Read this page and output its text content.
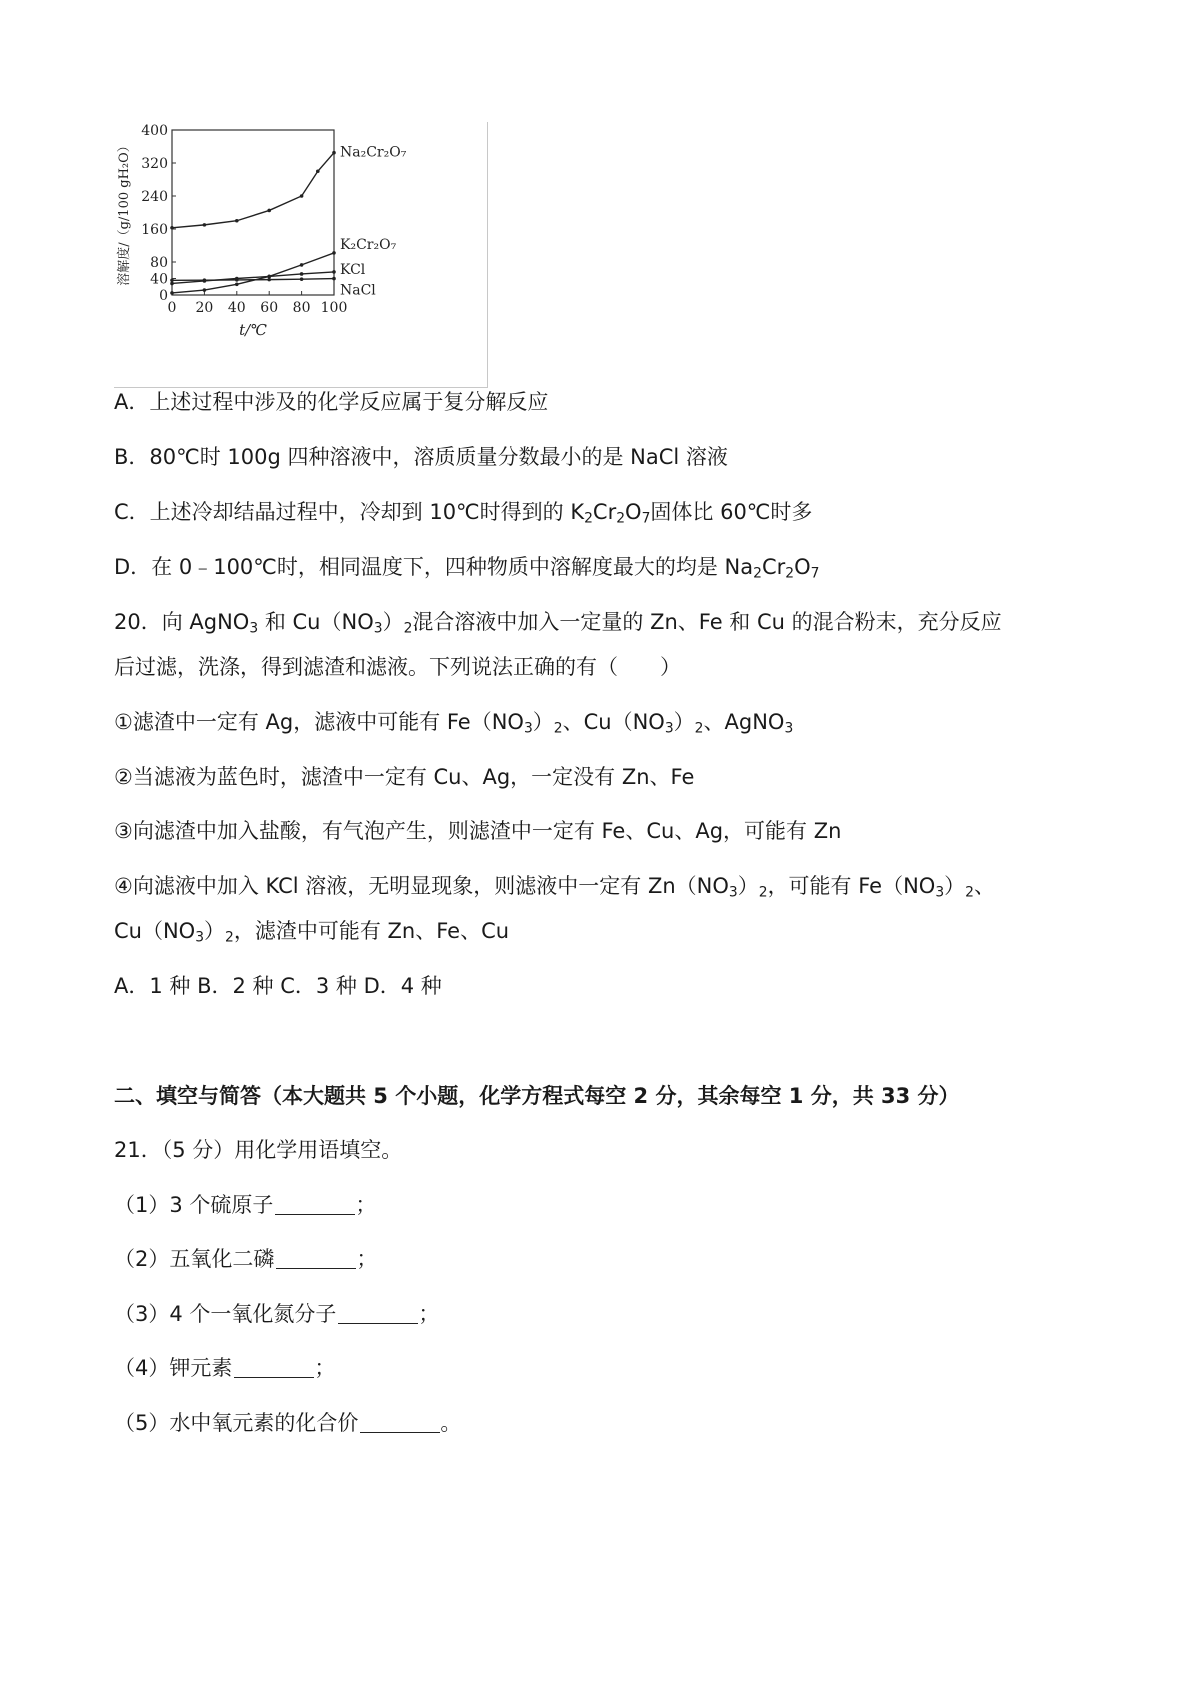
0
40
80
160
240
320
400
0 20 40 60 80 100
t/℃
溶解度/（g/100 gH₂O）	Na₂Cr₂O₇
K₂Cr₂O₇
KCl
NaCl
A．上述过程中涉及的化学反应属于复分解反应
B．80℃时 100g 四种溶液中，溶质质量分数最小的是 NaCl 溶液
C．上述冷却结晶过程中，冷却到 10℃时得到的 $K_2Cr_2O_7$固体比 60℃时多
D．在 0﹣100℃时，相同温度下，四种物质中溶解度最大的均是 $Na_2Cr_2O_7$
20．向 AgNO$_3$ 和 $Cu(NO_3)_2$混合溶液中加入一定量的 Zn、Fe 和 Cu 的混合粉末，充分反应
后过滤，洗涤，得到滤渣和滤液。下列说法正确的有（　　）
①滤渣中一定有 Ag，滤液中可能有 $Fe(NO_3)_2$、$Cu(NO_3)_2$、AgNO$_3$
②当滤液为蓝色时，滤渣中一定有 Cu、Ag，一定没有 Zn、Fe
③向滤渣中加入盐酸，有气泡产生，则滤渣中一定有 Fe、Cu、Ag，可能有 Zn
④向滤液中加入 KCl 溶液，无明显现象，则滤液中一定有 $Zn(NO_3)_2$，可能有 $Fe(NO_3)_2$、
$Cu(NO_3)_2$，滤渣中可能有 Zn、Fe、Cu
A．1 种 B．2 种 C．3 种 D．4 种
二、填空与简答（本大题共 5 个小题，化学方程式每空 2 分，其余每空 1 分，共 33 分）
21．（5 分）用化学用语填空。
（1）3 个硫原子	；
（2）五氧化二磷	；
（3）4 个一氧化氮分子	；
（4）钾元素	；
（5）水中氧元素的化合价	。
